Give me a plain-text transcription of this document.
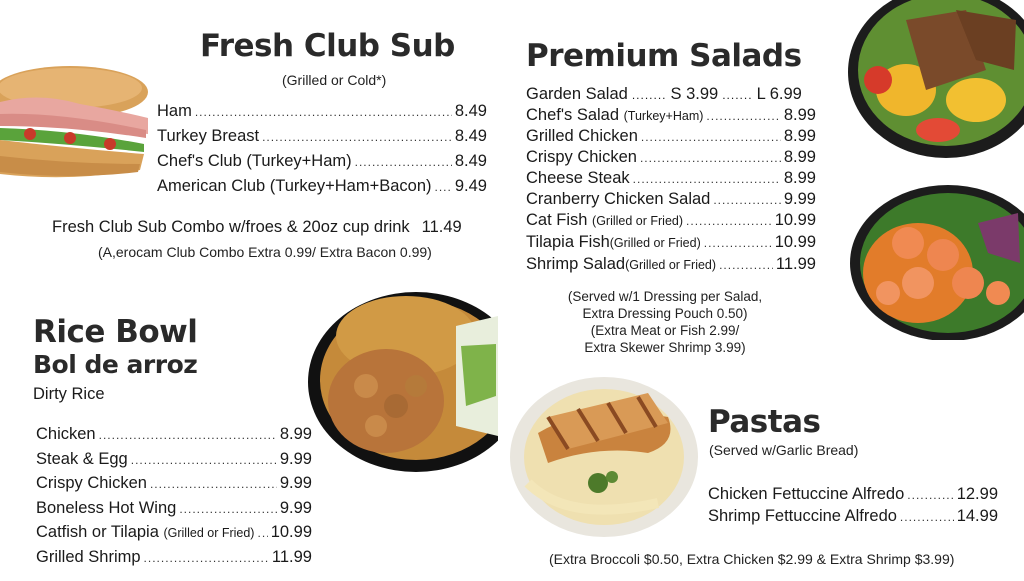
Fresh Club Sub
(Grilled or Cold*)
Ham .....	8.49
Turkey Breast .....	8.49
Chef's Club (Turkey+Ham) .....	8.49
American Club (Turkey+Ham+Bacon) ..... 9.49
Fresh Club Sub Combo w/froes & 20oz cup drink 11.49
(A,erocam Club Combo Extra 0.99/ Extra Bacon 0.99)
Premium Salads
Garden Salad ........ S 3.99 ....... L 6.99
Chef's Salad (Turkey+Ham) .....	8.99
Grilled Chicken .....	8.99
Crispy Chicken .....	8.99
Cheese Steak .....	8.99
Cranberry Chicken Salad .....	9.99
Cat Fish (Grilled or Fried) .....	10.99
Tilapia Fish(Grilled or Fried) .....	10.99
Shrimp Salad(Grilled or Fried) .....	11.99
(Served w/1 Dressing per Salad,
Extra Dressing Pouch 0.50)
(Extra Meat or Fish 2.99/
Extra Skewer Shrimp 3.99)
Rice Bowl
Bol de arroz
Dirty Rice
Chicken .....	8.99
Steak & Egg .....	9.99
Crispy Chicken .....	9.99
Boneless Hot Wing .....	9.99
Catfish or Tilapia (Grilled or Fried) ..... 10.99
Grilled Shrimp .....	11.99
Pastas
(Served w/Garlic Bread)
Chicken Fettuccine Alfredo .....	12.99
Shrimp Fettuccine Alfredo .....	14.99
(Extra Broccoli $0.50, Extra Chicken $2.99 & Extra Shrimp $3.99)
